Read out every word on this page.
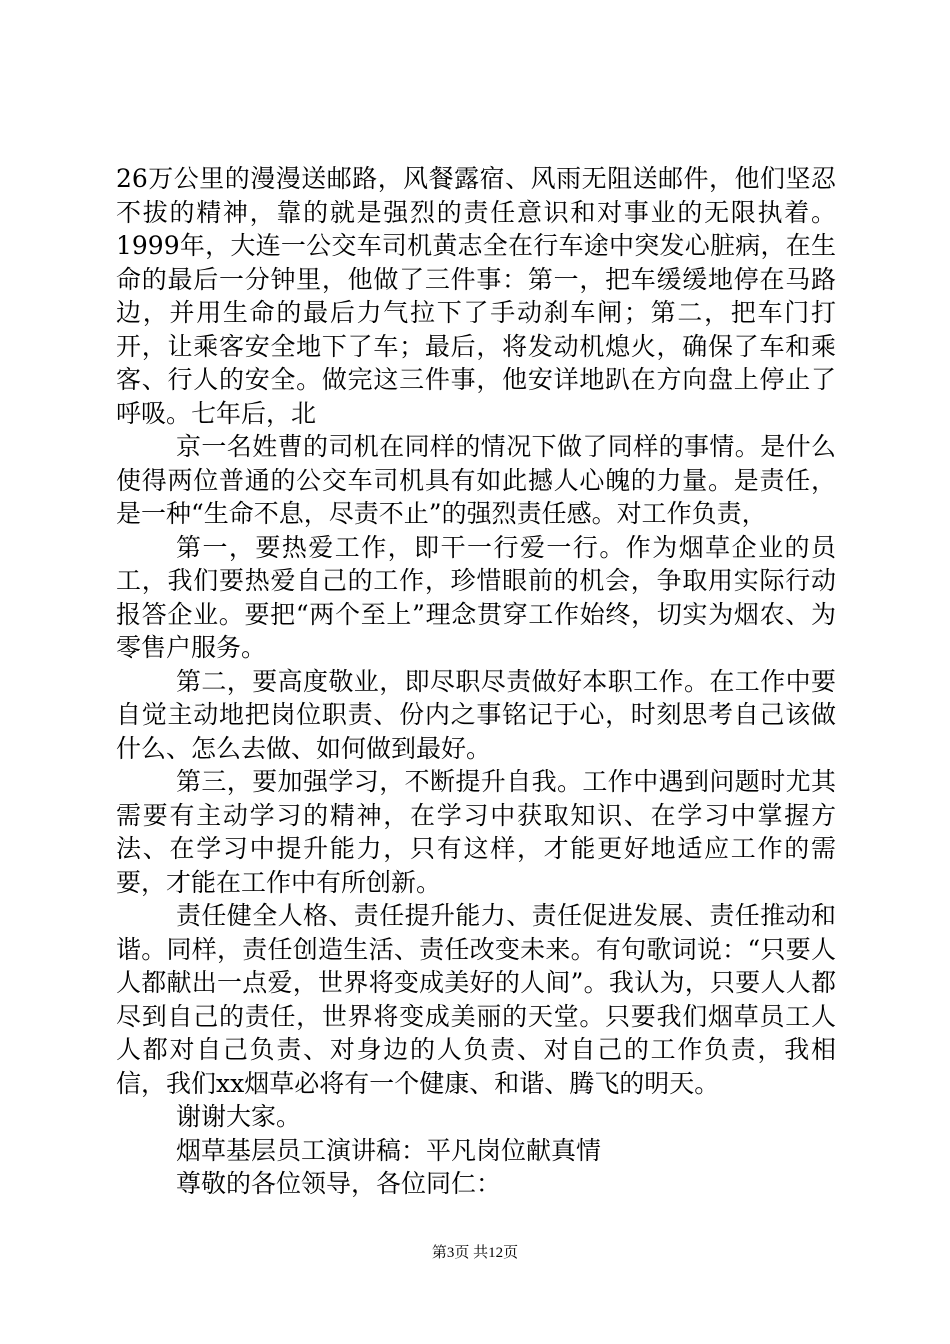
26万公里的漫漫送邮路，风餐露宿、风雨无阻送邮件，他们坚忍不拔的精神，靠的就是强烈的责任意识和对事业的无限执着。1999年，大连一公交车司机黄志全在行车途中突发心脏病，在生命的最后一分钟里，他做了三件事：第一，把车缓缓地停在马路边，并用生命的最后力气拉下了手动刹车闸；第二，把车门打开，让乘客安全地下了车；最后，将发动机熄火，确保了车和乘客、行人的安全。做完这三件事，他安详地趴在方向盘上停止了呼吸。七年后，北

京一名姓曹的司机在同样的情况下做了同样的事情。是什么使得两位普通的公交车司机具有如此撼人心魄的力量。是责任，是一种“生命不息，尽责不止”的强烈责任感。对工作负责，

第一，要热爱工作，即干一行爱一行。作为烟草企业的员工，我们要热爱自己的工作，珍惜眼前的机会，争取用实际行动报答企业。要把“两个至上”理念贯穿工作始终，切实为烟农、为零售户服务。

第二，要高度敬业，即尽职尽责做好本职工作。在工作中要自觉主动地把岗位职责、份内之事铭记于心，时刻思考自己该做什么、怎么去做、如何做到最好。

第三，要加强学习，不断提升自我。工作中遇到问题时尤其需要有主动学习的精神，在学习中获取知识、在学习中掌握方法、在学习中提升能力，只有这样，才能更好地适应工作的需要，才能在工作中有所创新。

责任健全人格、责任提升能力、责任促进发展、责任推动和谐。同样，责任创造生活、责任改变未来。有句歌词说：“只要人人都献出一点爱，世界将变成美好的人间”。我认为，只要人人都尽到自己的责任，世界将变成美丽的天堂。只要我们烟草员工人人都对自己负责、对身边的人负责、对自己的工作负责，我相信，我们xx烟草必将有一个健康、和谐、腾飞的明天。

谢谢大家。

烟草基层员工演讲稿：平凡岗位献真情

尊敬的各位领导，各位同仁：

第3页 共12页
